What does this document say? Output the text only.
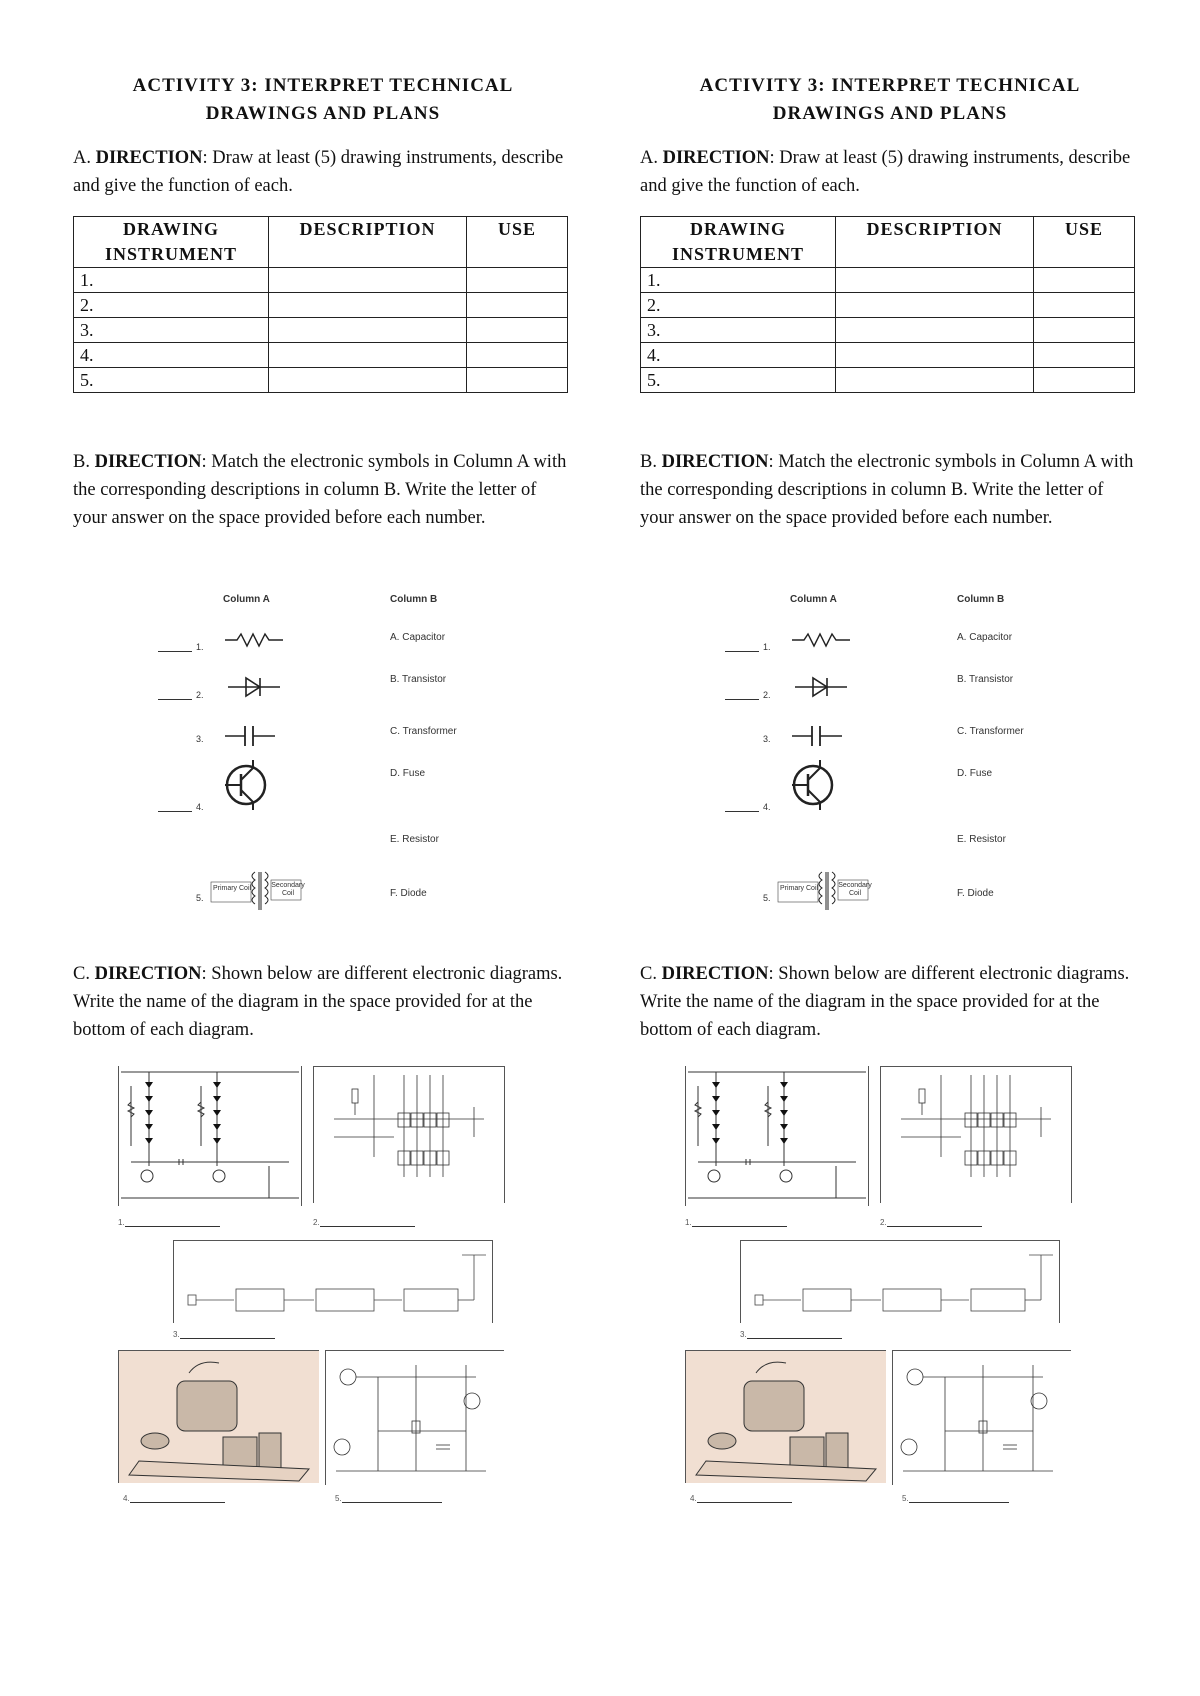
ACTIVITY 3: INTERPRET TECHNICAL
DRAWINGS AND PLANS
A. DIRECTION: Draw at least (5) drawing instruments, describe and give the function of each.
DRAWING INSTRUMENT	DESCRIPTION	USE
1.		
2.		
3.		
4.		
5.		
B. DIRECTION: Match the electronic symbols in Column A with the corresponding descriptions in column B. Write the letter of your answer on the space provided before each number.
Column A	Column B
1.
2.
3.
4.
5.
Primary Coil	Secondary Coil
A. Capacitor
B. Transistor
C. Transformer
D. Fuse
E. Resistor
F. Diode
C. DIRECTION: Shown below are different electronic diagrams. Write the name of the diagram in the space provided for at the bottom of each diagram.
1.	2.
3.
4.	5.
ACTIVITY 3: INTERPRET TECHNICAL
DRAWINGS AND PLANS
A. DIRECTION: Draw at least (5) drawing instruments, describe and give the function of each.
DRAWING INSTRUMENT	DESCRIPTION	USE
1.		
2.		
3.		
4.		
5.		
B. DIRECTION: Match the electronic symbols in Column A with the corresponding descriptions in column B. Write the letter of your answer on the space provided before each number.
Column A	Column B
1.
2.
3.
4.
5.
Primary Coil	Secondary Coil
A. Capacitor
B. Transistor
C. Transformer
D. Fuse
E. Resistor
F. Diode
C. DIRECTION: Shown below are different electronic diagrams. Write the name of the diagram in the space provided for at the bottom of each diagram.
1.	2.
3.
4.	5.
